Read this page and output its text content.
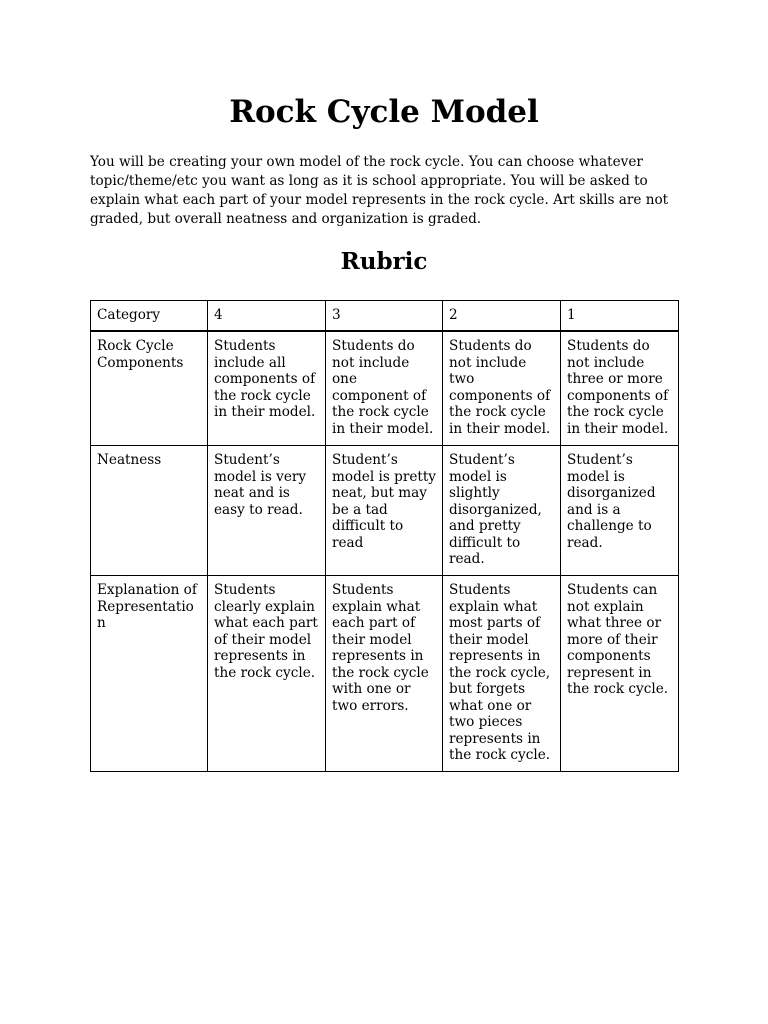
Rock Cycle Model

You will be creating your own model of the rock cycle. You can choose whatever topic/theme/etc you want as long as it is school appropriate. You will be asked to explain what each part of your model represents in the rock cycle. Art skills are not graded, but overall neatness and organization is graded.

Rubric
Category	4	3	2	1
Rock Cycle Components	Students include all components of the rock cycle in their model.	Students do not include one component of the rock cycle in their model.	Students do not include two components of the rock cycle in their model.	Students do not include three or more components of the rock cycle in their model.
Neatness	Student’s model is very neat and is easy to read.	Student’s model is pretty neat, but may be a tad difficult to read	Student’s model is slightly disorganized, and pretty difficult to read.	Student’s model is disorganized and is a challenge to read.
Explanation of Representation	Students clearly explain what each part of their model represents in the rock cycle.	Students explain what each part of their model represents in the rock cycle with one or two errors.	Students explain what most parts of their model represents in the rock cycle, but forgets what one or two pieces represents in the rock cycle.	Students can not explain what three or more of their components represent in the rock cycle.
